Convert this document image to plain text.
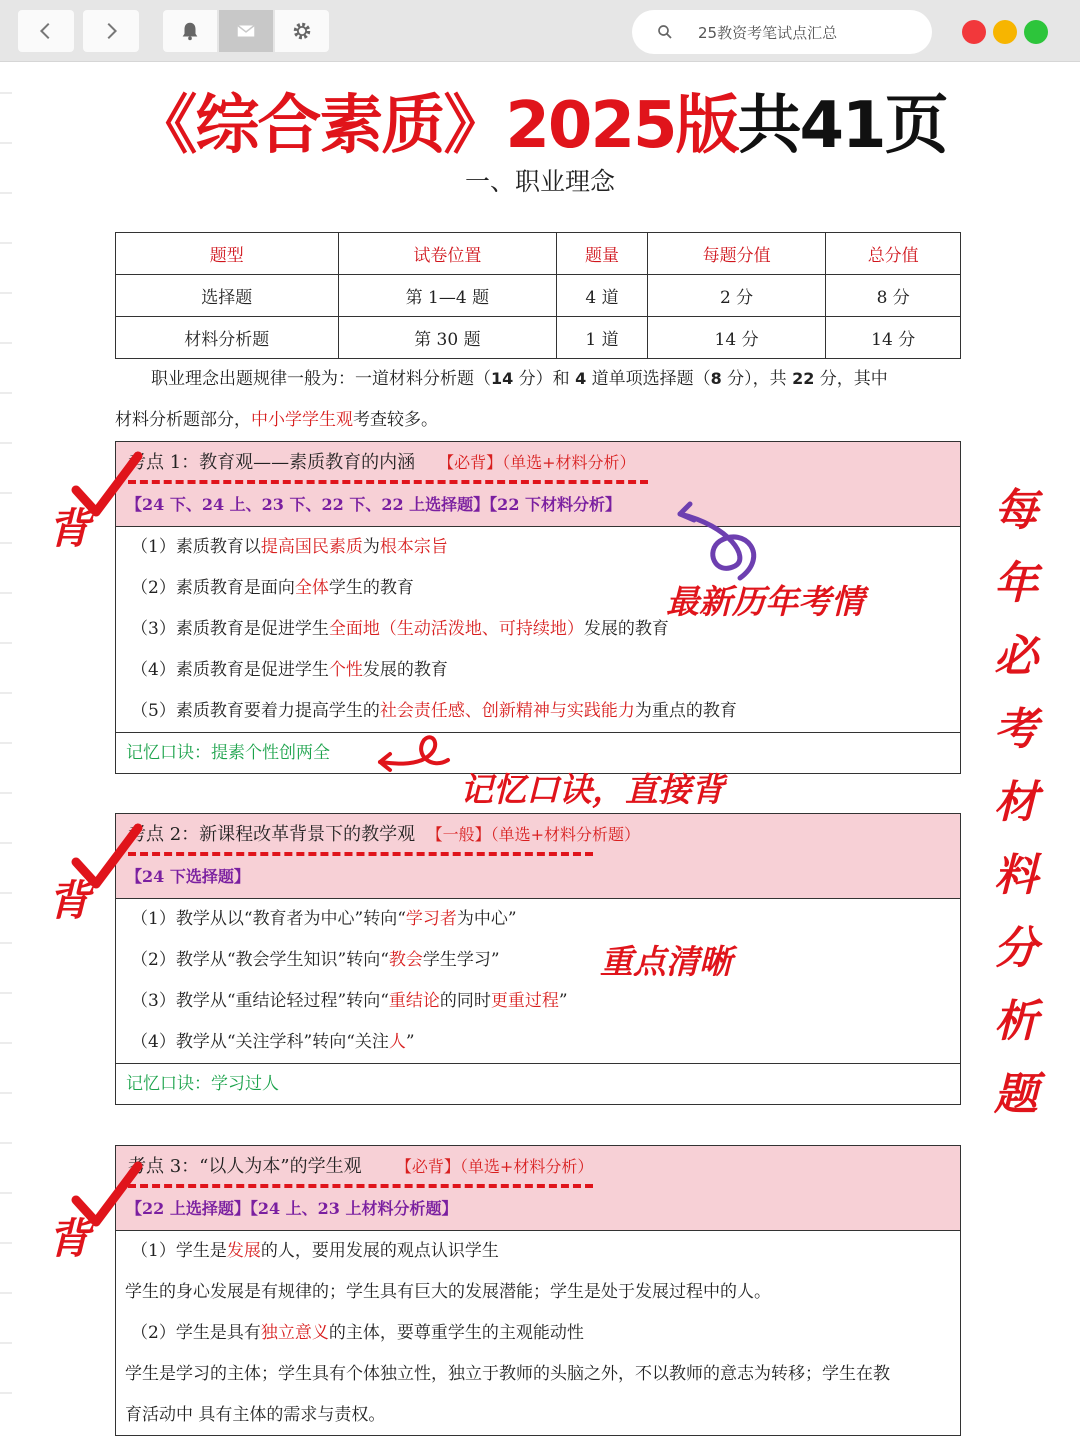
25教资考笔试点汇总
《综合素质》2025版共41页
一、职业理念
题型	试卷位置	题量	每题分值	总分值
选择题	第 1—4 题	4 道	2 分	8 分
材料分析题	第 30 题	1 道	14 分	14 分
职业理念出题规律一般为：一道材料分析题（14 分）和 4 道单项选择题（8 分），共 22 分，其中
材料分析题部分，中小学学生观考查较多。
考点 1：教育观——素质教育的内涵 【必背】（单选+材料分析）
【24 下、24 上、23 下、22 下、22 上选择题】【22 下材料分析】
（1）素质教育以提高国民素质为根本宗旨
（2）素质教育是面向全体学生的教育
（3）素质教育是促进学生全面地（生动活泼地、可持续地）发展的教育
（4）素质教育是促进学生个性发展的教育
（5）素质教育要着力提高学生的社会责任感、创新精神与实践能力为重点的教育
记忆口诀：提素个性创两全
考点 2：新课程改革背景下的教学观 【一般】（单选+材料分析题）
【24 下选择题】
（1）教学从以“教育者为中心”转向“学习者为中心”
（2）教学从“教会学生知识”转向“教会学生学习”
（3）教学从“重结论轻过程”转向“重结论的同时更重过程”
（4）教学从“关注学科”转向“关注人”
记忆口诀：学习过人
考点 3：“以人为本”的学生观 【必背】（单选+材料分析）
【22 上选择题】【24 上、23 上材料分析题】
（1）学生是发展的人，要用发展的观点认识学生
学生的身心发展是有规律的；学生具有巨大的发展潜能；学生是处于发展过程中的人。
（2）学生是具有独立意义的主体，要尊重学生的主观能动性
学生是学习的主体；学生具有个体独立性，独立于教师的头脑之外，不以教师的意志为转移；学生在教
育活动中 具有主体的需求与责权。
背
背
背
最新历年考情
记忆口诀，直接背
重点清晰
每年必考材料分析题
